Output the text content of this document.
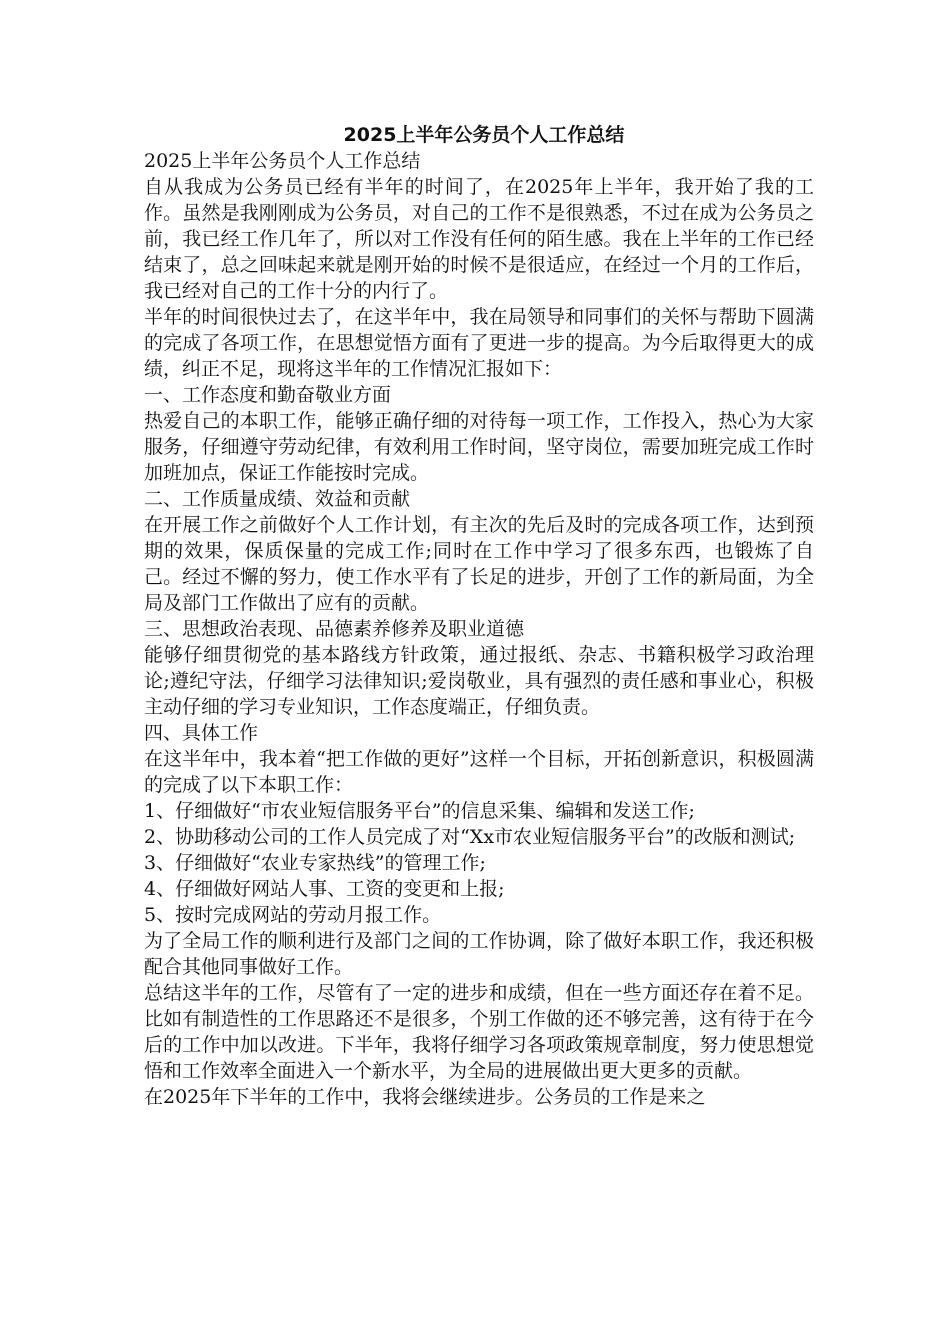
2025上半年公务员个人工作总结

2025上半年公务员个人工作总结

自从我成为公务员已经有半年的时间了，在2025年上半年，我开始了我的工作。虽然是我刚刚成为公务员，对自己的工作不是很熟悉，不过在成为公务员之前，我已经工作几年了，所以对工作没有任何的陌生感。我在上半年的工作已经结束了，总之回味起来就是刚开始的时候不是很适应，在经过一个月的工作后，我已经对自己的工作十分的内行了。

半年的时间很快过去了，在这半年中，我在局领导和同事们的关怀与帮助下圆满的完成了各项工作，在思想觉悟方面有了更进一步的提高。为今后取得更大的成绩，纠正不足，现将这半年的工作情况汇报如下：

一、工作态度和勤奋敬业方面

热爱自己的本职工作，能够正确仔细的对待每一项工作，工作投入，热心为大家服务，仔细遵守劳动纪律，有效利用工作时间，坚守岗位，需要加班完成工作时加班加点，保证工作能按时完成。

二、工作质量成绩、效益和贡献

在开展工作之前做好个人工作计划，有主次的先后及时的完成各项工作，达到预期的效果，保质保量的完成工作;同时在工作中学习了很多东西，也锻炼了自己。经过不懈的努力，使工作水平有了长足的进步，开创了工作的新局面，为全局及部门工作做出了应有的贡献。

三、思想政治表现、品德素养修养及职业道德

能够仔细贯彻党的基本路线方针政策，通过报纸、杂志、书籍积极学习政治理论;遵纪守法，仔细学习法律知识;爱岗敬业，具有强烈的责任感和事业心，积极主动仔细的学习专业知识，工作态度端正，仔细负责。

四、具体工作

在这半年中，我本着“把工作做的更好”这样一个目标，开拓创新意识，积极圆满的完成了以下本职工作：

1、仔细做好“市农业短信服务平台”的信息采集、编辑和发送工作;

2、协助移动公司的工作人员完成了对“Xx市农业短信服务平台”的改版和测试;

3、仔细做好“农业专家热线”的管理工作;

4、仔细做好网站人事、工资的变更和上报;

5、按时完成网站的劳动月报工作。

为了全局工作的顺利进行及部门之间的工作协调，除了做好本职工作，我还积极配合其他同事做好工作。

总结这半年的工作，尽管有了一定的进步和成绩，但在一些方面还存在着不足。比如有制造性的工作思路还不是很多，个别工作做的还不够完善，这有待于在今后的工作中加以改进。下半年，我将仔细学习各项政策规章制度，努力使思想觉悟和工作效率全面进入一个新水平，为全局的进展做出更大更多的贡献。

在2025年下半年的工作中，我将会继续进步。公务员的工作是来之
